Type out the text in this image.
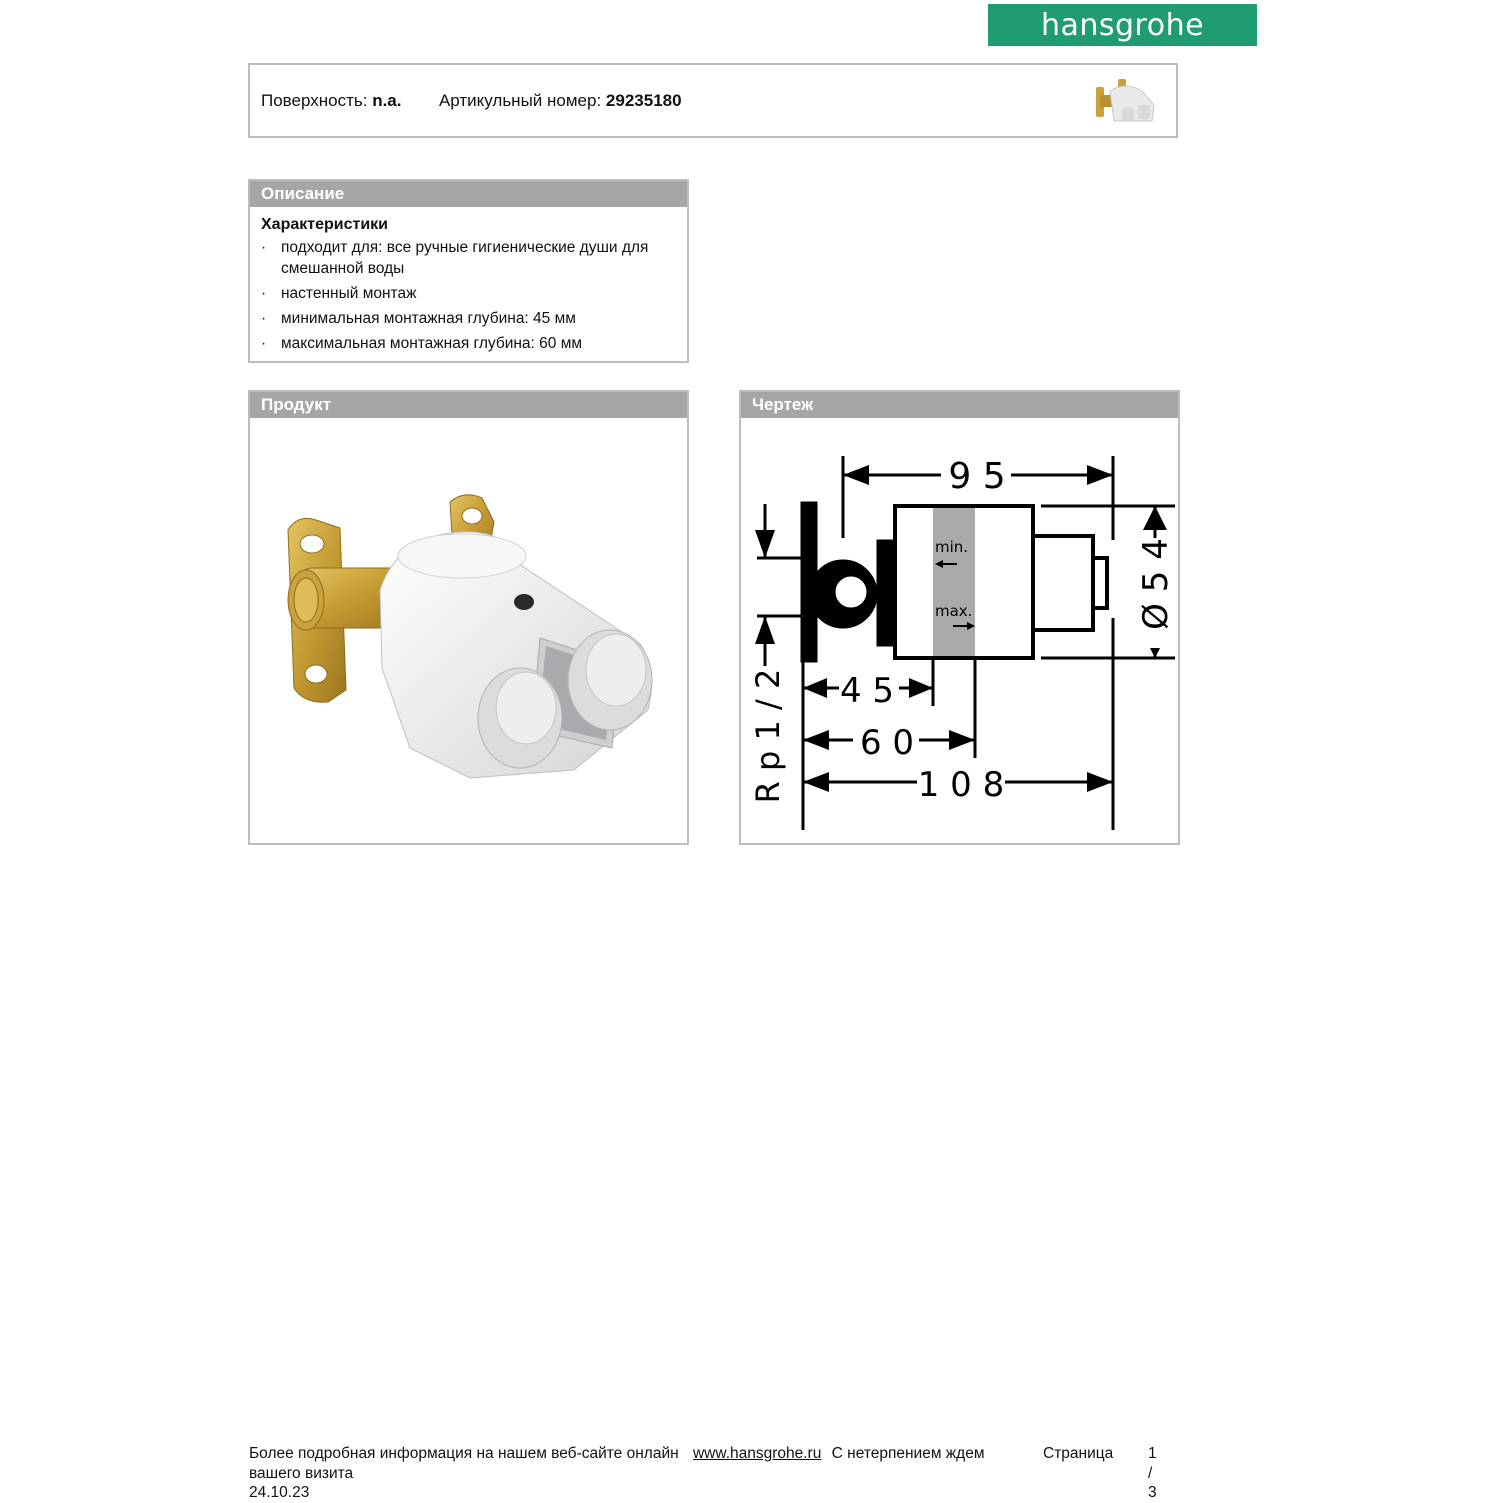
hansgrohe
Поверхность: n.a. Артикульный номер: 29235180
Описание
Характеристики
· подходит для: все ручные гигиенические души для смешанной воды
· настенный монтаж
· минимальная монтажная глубина: 45 мм
· максимальная монтажная глубина: 60 мм
Продукт	Чертеж
9 5
Ø 5 4
4 5
6 0
1 0 8
R p 1 / 2
min.
max.
Более подробная информация на нашем веб-сайте онлайн www.hansgrohe.ru С нетерпением ждем	Страница 1 / 3
вашего визита
24.10.23
